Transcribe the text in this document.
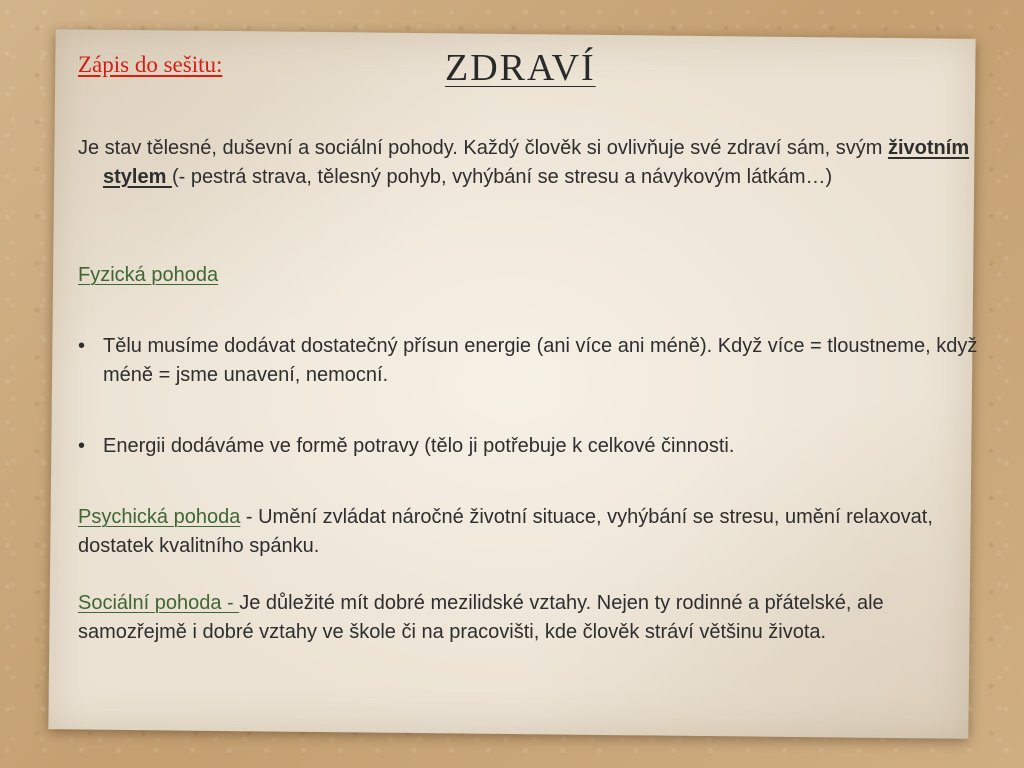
Zápis do sešitu:	ZDRAVÍ
Je stav tělesné, duševní a sociální pohody. Každý člověk si ovlivňuje své zdraví sám, svým životním stylem (- pestrá strava, tělesný pohyb, vyhýbání se stresu a návykovým látkám…)
Fyzická pohoda
• Tělu musíme dodávat dostatečný přísun energie (ani více ani méně). Když více = tloustneme, když méně = jsme unavení, nemocní.
• Energii dodáváme ve formě potravy (tělo ji potřebuje k celkové činnosti.
Psychická pohoda - Umění zvládat náročné životní situace, vyhýbání se stresu, umění relaxovat, dostatek kvalitního spánku.
Sociální pohoda - Je důležité mít dobré mezilidské vztahy. Nejen ty rodinné a přátelské, ale samozřejmě i dobré vztahy ve škole či na pracovišti, kde člověk stráví většinu života.
